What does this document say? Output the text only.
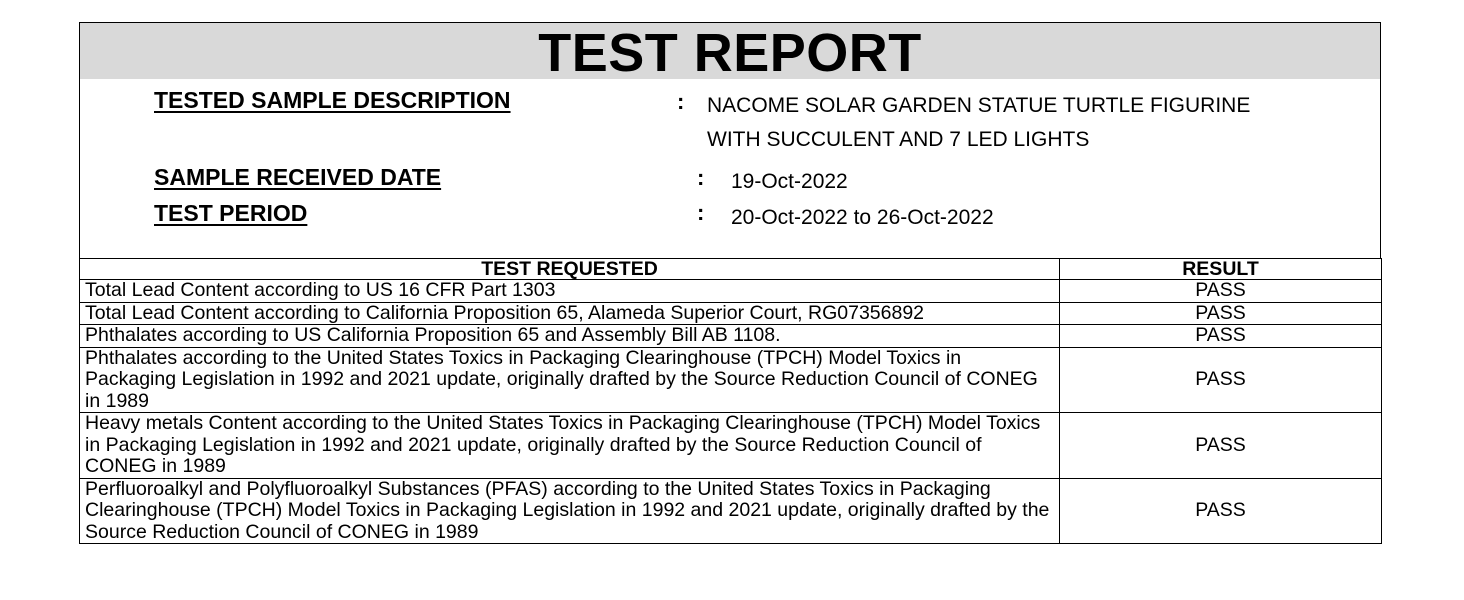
TEST REPORT
TESTED SAMPLE DESCRIPTION	: NACOME SOLAR GARDEN STATUE TURTLE FIGURINE
WITH SUCCULENT AND 7 LED LIGHTS
SAMPLE RECEIVED DATE	: 19-Oct-2022
TEST PERIOD	: 20-Oct-2022 to 26-Oct-2022
TEST REQUESTED	RESULT
Total Lead Content according to US 16 CFR Part 1303	PASS
Total Lead Content according to California Proposition 65, Alameda Superior Court, RG07356892	PASS
Phthalates according to US California Proposition 65 and Assembly Bill AB 1108.	PASS
Phthalates according to the United States Toxics in Packaging Clearinghouse (TPCH) Model Toxics in Packaging Legislation in 1992 and 2021 update, originally drafted by the Source Reduction Council of CONEG in 1989	PASS
Heavy metals Content according to the United States Toxics in Packaging Clearinghouse (TPCH) Model Toxics in Packaging Legislation in 1992 and 2021 update, originally drafted by the Source Reduction Council of CONEG in 1989	PASS
Perfluoroalkyl and Polyfluoroalkyl Substances (PFAS) according to the United States Toxics in Packaging Clearinghouse (TPCH) Model Toxics in Packaging Legislation in 1992 and 2021 update, originally drafted by the Source Reduction Council of CONEG in 1989	PASS
